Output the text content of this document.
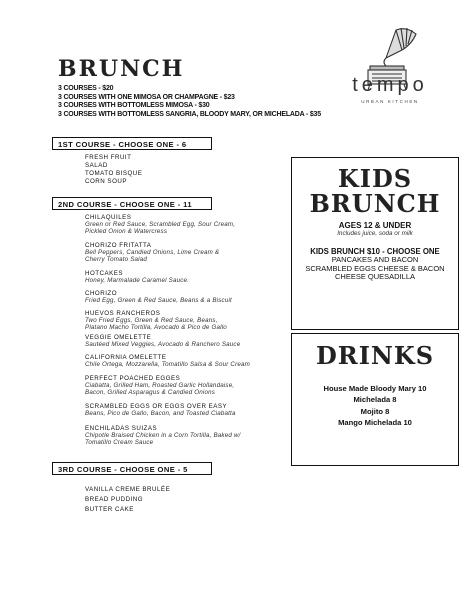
BRUNCH
3 COURSES - $20
3 COURSES WITH ONE MIMOSA OR CHAMPAGNE - $23
3 COURSES WITH BOTTOMLESS MIMOSA - $30
3 COURSES WITH BOTTOMLESS SANGRIA, BLOODY MARY, OR MICHELADA - $35
tempo
URBAN KITCHEN
1ST COURSE - CHOOSE ONE - 6
FRESH FRUIT
SALAD
TOMATO BISQUE
CORN SOUP
2ND COURSE - CHOOSE ONE - 11
CHILAQUILES
Green or Red Sauce, Scrambled Egg, Sour Cream,
Pickled Onion & Watercress
CHORIZO FRITATTA
Bell Peppers, Candied Onions, Lime Cream &
Cherry Tomato Salad
HOTCAKES
Honey, Marmalade Caramel Sauce.
CHORIZO
Fried Egg, Green & Red Sauce, Beans & a Biscuit
HUEVOS RANCHEROS
Two Fried Eggs, Green & Red Sauce, Beans,
Platano Macho Tortilla, Avocado & Pico de Gallo
VEGGIE OMELETTE
Sautéed Mixed Veggies, Avocado & Ranchero Sauce
CALIFORNIA OMELETTE
Chile Ortega, Mozzarella, Tomatillo Salsa & Sour Cream
PERFECT POACHED EGGES
Ciabatta, Grilled Ham, Roasted Garlic Hollandaise,
Bacon, Grilled Asparagus & Candied Onions
SCRAMBLED EGGS OR EGGS OVER EASY
Beans, Pico de Gallo, Bacon, and Toasted Ciabatta
ENCHILADAS SUIZAS
Chipotle Braised Chicken in a Corn Tortilla, Baked w/
Tomatillo Cream Sauce
3RD COURSE - CHOOSE ONE - 5
VANILLA CREME BRULÉE
BREAD PUDDING
BUTTER CAKE
KIDS
BRUNCH
AGES 12 & UNDER
Includes juice, soda or milk
KIDS BRUNCH $10 - CHOOSE ONE
PANCAKES AND BACON
SCRAMBLED EGGS CHEESE & BACON
CHEESE QUESADILLA
DRINKS
House Made Bloody Mary 10
Michelada 8
Mojito 8
Mango Michelada 10
